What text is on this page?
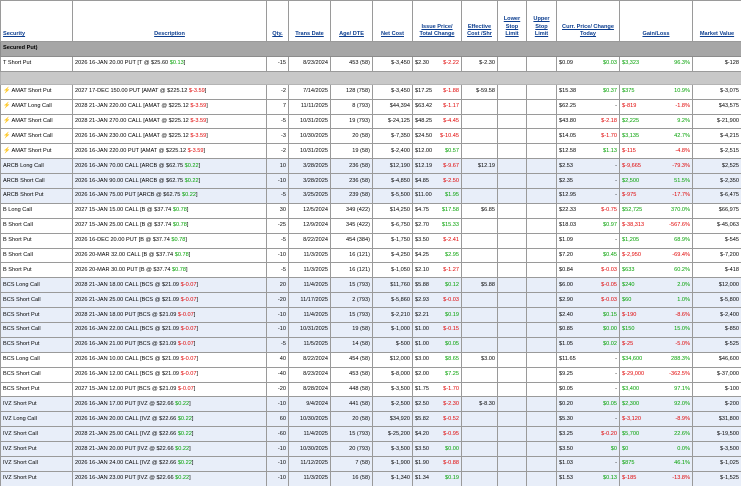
Security	Description	Qty.	Trans Date	Age/ DTE	Net Cost	Issue Price/ Total Change	Effective Cost /Shr	Lower Stop Limit	Upper Stop Limit	Curr. Price/ Change Today	Gain/Loss	Market Value
Secured Put)												
T Short Put	2026 16-JAN 20.00 PUT [T @ $25.60 $0.13]	-15	8/23/2024	453 (58)	$-3,450	$2.30 $-2.22	$-2.30			$0.09 $0.03	$3,323 96.3%	$-128

⚡AMAT Short Put	2027 17-DEC 150.00 PUT [AMAT @ $225.12 $-3.59]	-2	7/14/2025	128 (758)	$-3,450	$17.25 $-1.88	$-59.58			$15.38 $0.37	$375 10.9%	$-3,075
⚡AMAT Long Call	2028 21-JAN 220.00 CALL [AMAT @ $225.12 $-3.59]	7	11/11/2025	8 (793)	$44,394	$63.42 $-1.17				$62.25 -	$-819 -1.8%	$43,575
⚡AMAT Short Call	2028 21-JAN 270.00 CALL [AMAT @ $225.12 $-3.59]	-5	10/31/2025	19 (793)	$-24,125	$48.25 $-4.45				$43.80 $-2.18	$2,225 9.2%	$-21,900
⚡AMAT Short Call	2026 16-JAN 230.00 CALL [AMAT @ $225.12 $-3.59]	-3	10/30/2025	20 (58)	$-7,350	$24.50 $-10.45				$14.05 $-1.70	$3,135 42.7%	$-4,215
⚡AMAT Short Put	2026 16-JAN 220.00 PUT [AMAT @ $225.12 $-3.59]	-2	10/31/2025	19 (58)	$-2,400	$12.00 $0.57				$12.58 $1.13	$-115 -4.8%	$-2,515
ARCB Long Call	2026 16-JAN 70.00 CALL [ARCB @ $62.75 $0.22]	10	3/28/2025	236 (58)	$12,190	$12.19 $-9.67	$12.19			$2.53 -	$-9,665 -79.3%	$2,525
ARCB Short Call	2026 16-JAN 90.00 CALL [ARCB @ $62.75 $0.22]	-10	3/28/2025	236 (58)	$-4,850	$4.85 $-2.50				$2.35 -	$2,500 51.5%	$-2,350
ARCB Short Put	2026 16-JAN 75.00 PUT [ARCB @ $62.75 $0.22]	-5	3/25/2025	239 (58)	$-5,500	$11.00 $1.95				$12.95 -	$-975 -17.7%	$-6,475
B Long Call	2027 15-JAN 15.00 CALL [B @ $37.74 $0.78]	30	12/5/2024	349 (422)	$14,250	$4.75 $17.58	$6.85			$22.33 $-0.75	$52,725 370.0%	$66,975
B Short Call	2027 15-JAN 25.00 CALL [B @ $37.74 $0.78]	-25	12/9/2024	345 (422)	$-6,750	$2.70 $15.33				$18.03 $0.97	$-38,313 -567.6%	$-45,063
B Short Put	2026 16-DEC 20.00 PUT [B @ $37.74 $0.78]	-5	8/22/2024	454 (384)	$-1,750	$3.50 $-2.41				$1.09 -	$1,205 68.9%	$-545
B Short Call	2026 20-MAR 32.00 CALL [B @ $37.74 $0.78]	-10	11/3/2025	16 (121)	$-4,250	$4.25 $2.95				$7.20 $0.45	$-2,950 -69.4%	$-7,200
B Short Put	2026 20-MAR 30.00 PUT [B @ $37.74 $0.78]	-5	11/3/2025	16 (121)	$-1,050	$2.10 $-1.27				$0.84 $-0.03	$633 60.2%	$-418
BCS Long Call	2028 21-JAN 18.00 CALL [BCS @ $21.09 $-0.07]	20	11/4/2025	15 (793)	$11,760	$5.88 $0.12	$5.88			$6.00 $-0.05	$240 2.0%	$12,000
BCS Short Call	2026 21-JAN 25.00 CALL [BCS @ $21.09 $-0.07]	-20	11/17/2025	2 (793)	$-5,860	$2.93 $-0.03				$2.90 $-0.03	$60 1.0%	$-5,800
BCS Short Put	2028 21-JAN 18.00 PUT [BCS @ $21.09 $-0.07]	-10	11/4/2025	15 (793)	$-2,210	$2.21 $0.19				$2.40 $0.15	$-190 -8.6%	$-2,400
BCS Short Call	2026 16-JAN 22.00 CALL [BCS @ $21.09 $-0.07]	-10	10/31/2025	19 (58)	$-1,000	$1.00 $-0.15				$0.85 $0.00	$150 15.0%	$-850
BCS Short Put	2026 16-JAN 21.00 PUT [BCS @ $21.09 $-0.07]	-5	11/5/2025	14 (58)	$-500	$1.00 $0.05				$1.05 $0.02	$-25 -5.0%	$-525
BCS Long Call	2026 16-JAN 10.00 CALL [BCS @ $21.09 $-0.07]	40	8/22/2024	454 (58)	$12,000	$3.00 $8.65	$3.00			$11.65 -	$34,600 288.3%	$46,600
BCS Short Call	2026 16-JAN 12.00 CALL [BCS @ $21.09 $-0.07]	-40	8/23/2024	453 (58)	$-8,000	$2.00 $7.25				$9.25 -	$-29,000 -362.5%	$-37,000
BCS Short Put	2027 15-JAN 12.00 PUT [BCS @ $21.09 $-0.07]	-20	8/28/2024	448 (58)	$-3,500	$1.75 $-1.70				$0.05 -	$3,400 97.1%	$-100
IVZ Short Put	2026 16-JAN 17.00 PUT [IVZ @ $22.66 $0.22]	-10	9/4/2024	441 (58)	$-2,500	$2.50 $-2.30	$-8.30			$0.20 $0.05	$2,300 92.0%	$-200
IVZ Long Call	2026 16-JAN 20.00 CALL [IVZ @ $22.66 $0.22]	60	10/30/2025	20 (58)	$34,920	$5.82 $-0.52				$5.30 -	$-3,120 -8.9%	$31,800
IVZ Short Call	2028 21-JAN 25.00 CALL [IVZ @ $22.66 $0.22]	-60	11/4/2025	15 (793)	$-25,200	$4.20 $-0.95				$3.25 $-0.20	$5,700 22.6%	$-19,500
IVZ Short Put	2028 21-JAN 20.00 PUT [IVZ @ $22.66 $0.22]	-10	10/30/2025	20 (793)	$-3,500	$3.50 $0.00				$3.50 $0	$0 0.0%	$-3,500
IVZ Short Call	2026 16-JAN 24.00 CALL [IVZ @ $22.66 $0.22]	-10	11/12/2025	7 (58)	$-1,900	$1.90 $-0.88				$1.03 -	$875 46.1%	$-1,025
IVZ Short Put	2026 16-JAN 23.00 PUT [IVZ @ $22.66 $0.22]	-10	11/3/2025	16 (58)	$-1,340	$1.34 $0.19				$1.53 $0.13	$-185 -13.8%	$-1,525
